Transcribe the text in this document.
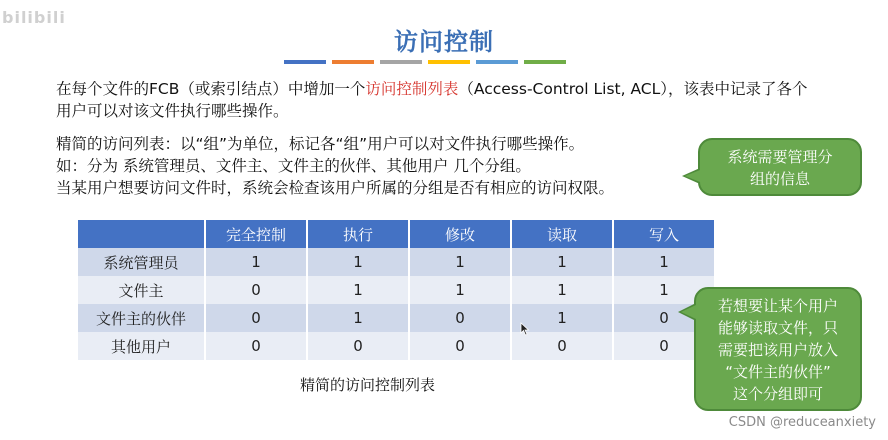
bilibili
访问控制

在每个文件的FCB（或索引结点）中增加一个访问控制列表（Access-Control List, ACL），该表中记录了各个用户可以对该文件执行哪些操作。

精简的访问列表：以“组”为单位，标记各“组”用户可以对文件执行哪些操作。
如：分为 系统管理员、文件主、文件主的伙伴、其他用户 几个分组。
当某用户想要访问文件时，系统会检查该用户所属的分组是否有相应的访问权限。
系统需要管理分
组的信息
	完全控制	执行	修改	读取	写入
系统管理员	1	1	1	1	1
文件主	0	1	1	1	1
文件主的伙伴	0	1	0	1	0
其他用户	0	0	0	0	0
精简的访问控制列表
若想要让某个用户
能够读取文件，只
需要把该用户放入
“文件主的伙伴”
这个分组即可
CSDN @reduceanxiety
